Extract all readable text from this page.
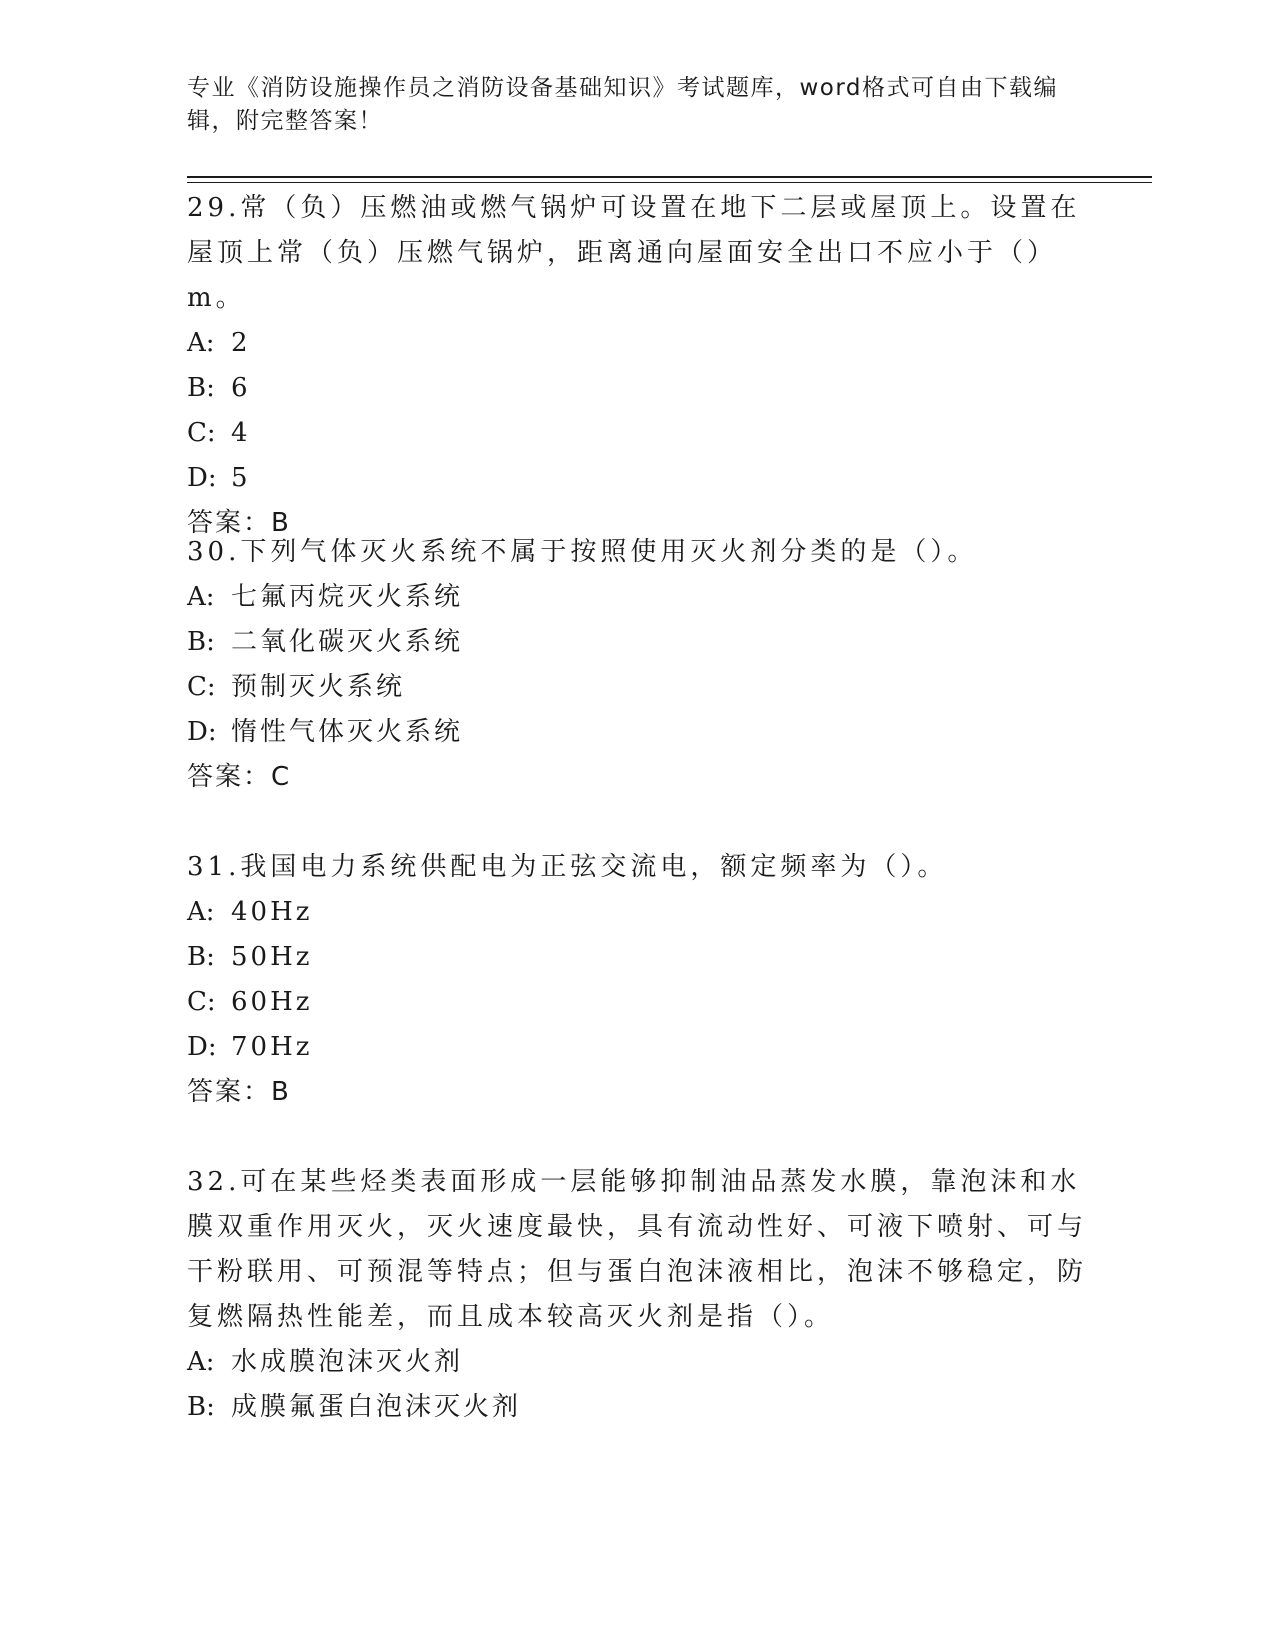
专业《消防设施操作员之消防设备基础知识》考试题库，word格式可自由下载编辑，附完整答案！
29.常（负）压燃油或燃气锅炉可设置在地下二层或屋顶上。设置在屋顶上常（负）压燃气锅炉，距离通向屋面安全出口不应小于（）m。
A: 2
B: 6
C: 4
D: 5
答案：B
30.下列气体灭火系统不属于按照使用灭火剂分类的是（）。
A: 七氟丙烷灭火系统
B: 二氧化碳灭火系统
C: 预制灭火系统
D: 惰性气体灭火系统
答案：C
31.我国电力系统供配电为正弦交流电，额定频率为（）。
A: 40Hz
B: 50Hz
C: 60Hz
D: 70Hz
答案：B
32.可在某些烃类表面形成一层能够抑制油品蒸发水膜，靠泡沫和水膜双重作用灭火，灭火速度最快，具有流动性好、可液下喷射、可与干粉联用、可预混等特点；但与蛋白泡沫液相比，泡沫不够稳定，防复燃隔热性能差，而且成本较高灭火剂是指（）。
A: 水成膜泡沫灭火剂
B: 成膜氟蛋白泡沫灭火剂
